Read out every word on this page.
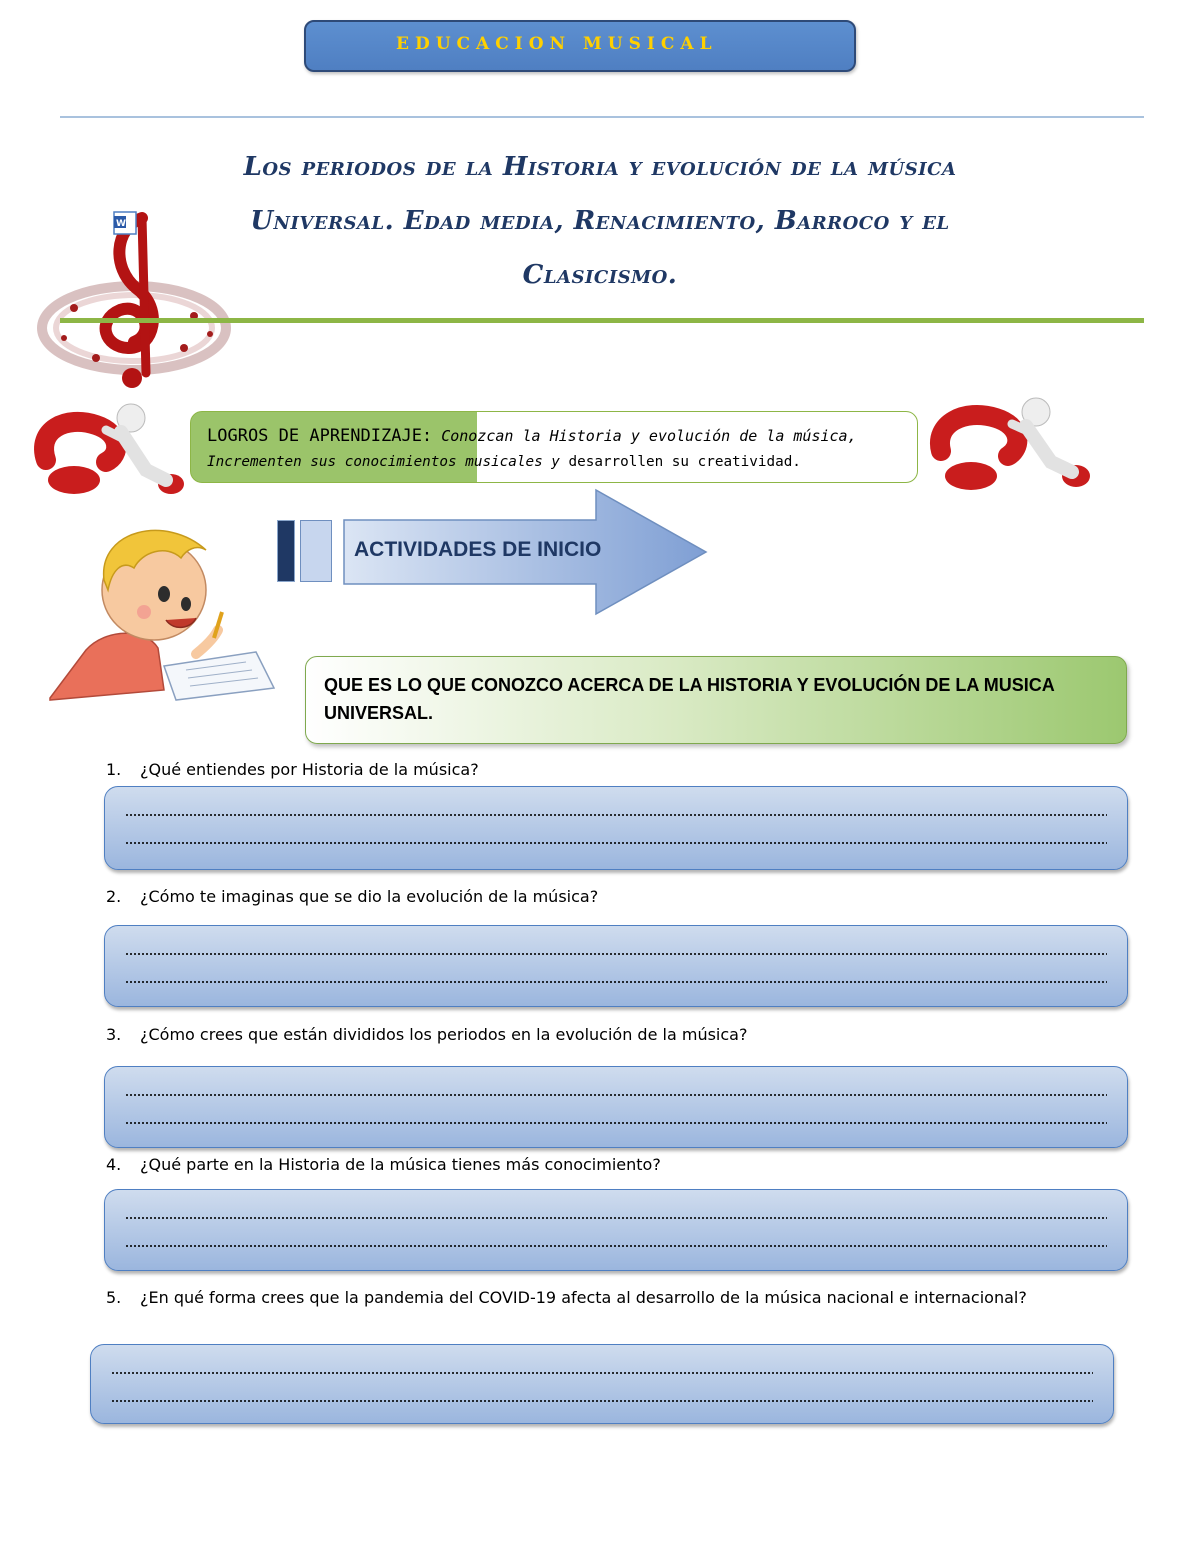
EDUCACION MUSICAL
W
Los periodos de la Historia y evolución de la música
Universal. Edad media, Renacimiento, Barroco y el
Clasicismo.
LOGROS DE APRENDIZAJE: Conozcan la Historia y evolución de la música,
Incrementen sus conocimientos musicales y desarrollen su creatividad.
ACTIVIDADES DE INICIO
QUE ES LO QUE CONOZCO ACERCA DE LA HISTORIA Y EVOLUCIÓN DE LA MUSICA UNIVERSAL.
1. ¿Qué entiendes por Historia de la música?
2. ¿Cómo te imaginas que se dio la evolución de la música?
3. ¿Cómo crees que están divididos los periodos en la evolución de la música?
4. ¿Qué parte en la Historia de la música tienes más conocimiento?
5. ¿En qué forma crees que la pandemia del COVID-19 afecta al desarrollo de la música nacional e internacional?
